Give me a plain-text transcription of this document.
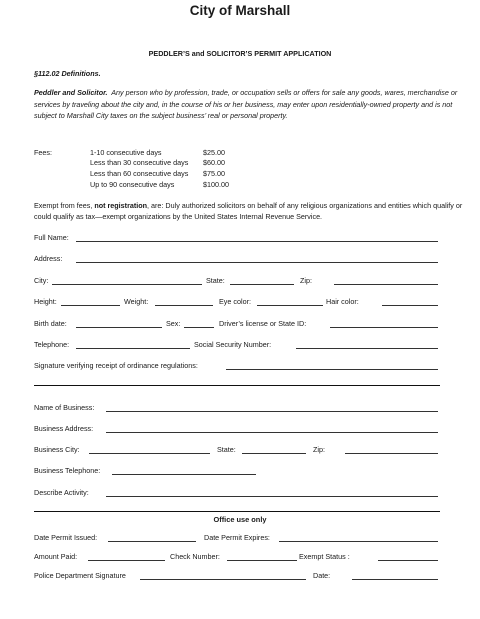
City of Marshall
PEDDLER’S and SOLICITOR’S PERMIT APPLICATION
§112.02 Definitions.
Peddler and Solicitor. Any person who by profession, trade, or occupation sells or offers for sale any goods, wares, merchandise or services by traveling about the city and, in the course of his or her business, may enter upon residentially-owned property and is not subject to Marshall City taxes on the subject business’ real or personal property.
Fees:	1-10 consecutive days	$25.00
Less than 30 consecutive days $60.00
Less than 60 consecutive days $75.00
Up to 90 consecutive days	$100.00
Exempt from fees, not registration, are: Duly authorized solicitors on behalf of any religious organizations and entities which qualify or could qualify as tax—exempt organizations by the United States Internal Revenue Service.
Full Name:
Address:
City:	State:	Zip:
Height:	Weight:	Eye color:	Hair color:
Birth date:	Sex:	Driver’s license or State ID:
Telephone:	Social Security Number:
Signature verifying receipt of ordinance regulations:
Name of Business:
Business Address:
Business City:	State:	Zip:
Business Telephone:
Describe Activity:
Office use only
Date Permit Issued:	Date Permit Expires:
Amount Paid:	Check Number:	Exempt Status :
Police Department Signature	Date:
